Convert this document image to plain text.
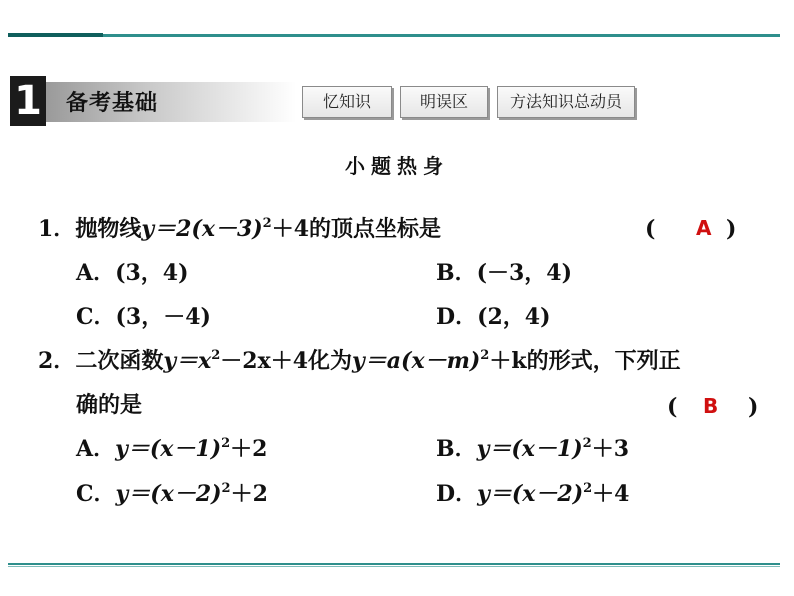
1 备考基础	忆知识	明误区	方法知识总动员
小题热身
1．抛物线$y=2(x-3)^2+4$的顶点坐标是	( A )
A．(3，4)	B．(－3，4)
C．(3，－4)	D．(2，4)
2．二次函数$y=x^2-2x+4$化为$y=a(x-m)^2+k$的形式，下列正
确的是	( B )
A．$y=(x-1)^2+2$	B．$y=(x-1)^2+3$
C．$y=(x-2)^2+2$	D．$y=(x-2)^2+4$
